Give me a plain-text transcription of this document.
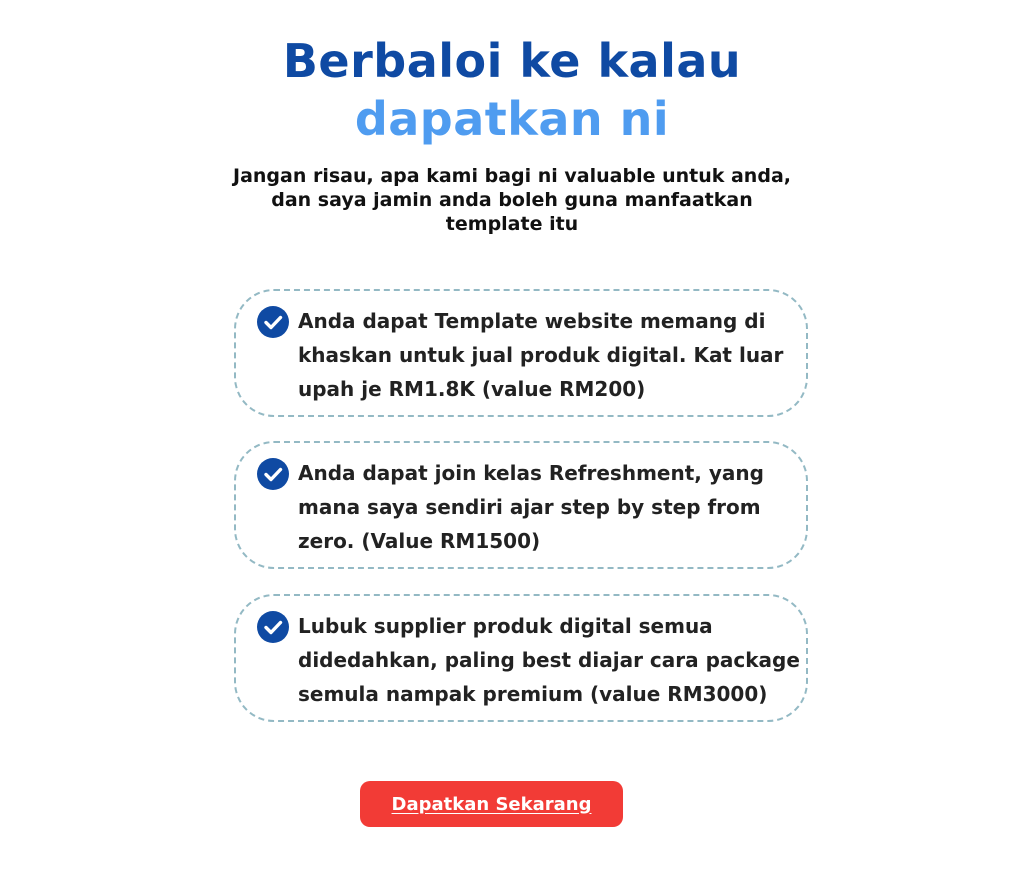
Berbaloi ke kalau
dapatkan ni

Jangan risau, apa kami bagi ni valuable untuk anda, dan saya jamin anda boleh guna manfaatkan template itu

Anda dapat Template website memang di khaskan untuk jual produk digital. Kat luar upah je RM1.8K (value RM200)

Anda dapat join kelas Refreshment, yang mana saya sendiri ajar step by step from zero. (Value RM1500)

Lubuk supplier produk digital semua didedahkan, paling best diajar cara package semula nampak premium (value RM3000)

Dapatkan Sekarang
